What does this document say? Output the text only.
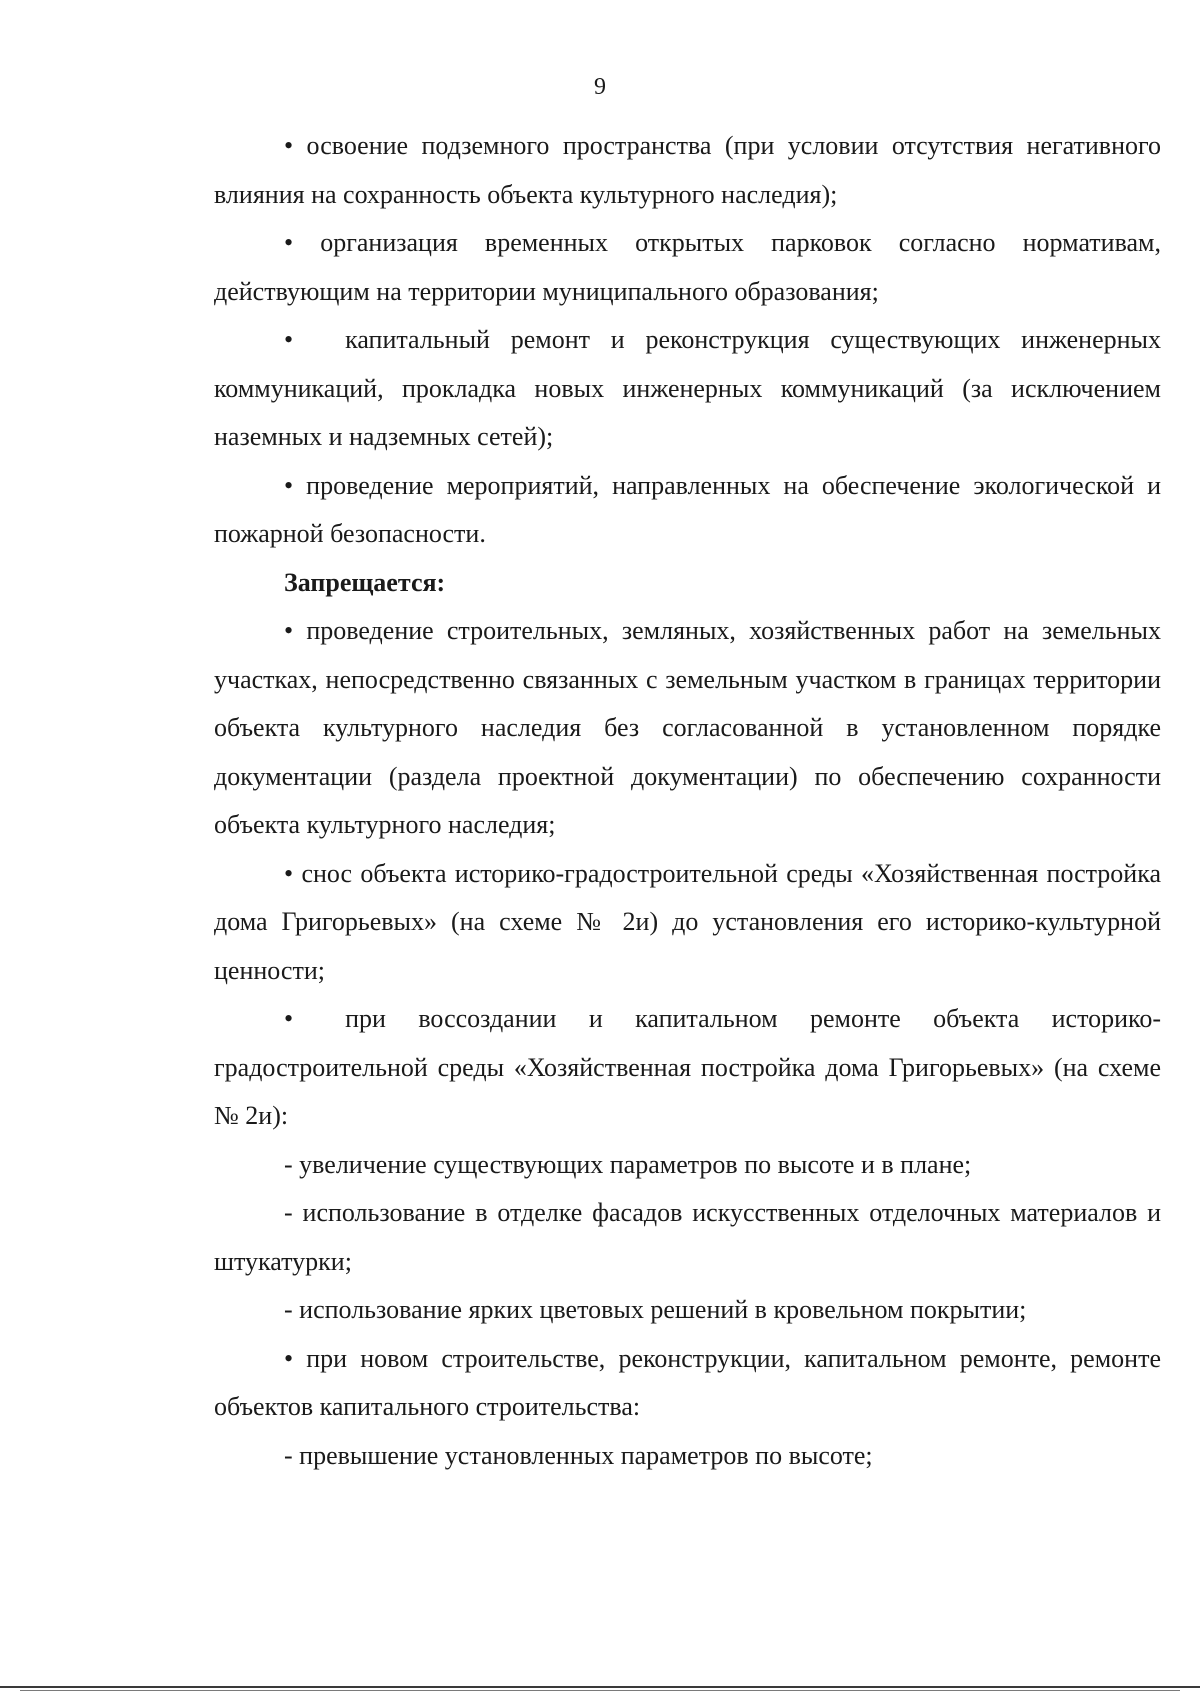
9

• освоение подземного пространства (при условии отсутствия негативного влияния на сохранность объекта культурного наследия);

• организация временных открытых парковок согласно нормативам, действующим на территории муниципального образования;

• капитальный ремонт и реконструкция существующих инженерных коммуникаций, прокладка новых инженерных коммуникаций (за исключением наземных и надземных сетей);

• проведение мероприятий, направленных на обеспечение экологической и пожарной безопасности.

Запрещается:

• проведение строительных, земляных, хозяйственных работ на земельных участках, непосредственно связанных с земельным участком в границах территории объекта культурного наследия без согласованной в установленном порядке документации (раздела проектной документации) по обеспечению сохранности объекта культурного наследия;

• снос объекта историко-градостроительной среды «Хозяйственная постройка дома Григорьевых» (на схеме № 2и) до установления его историко-культурной ценности;

• при воссоздании и капитальном ремонте объекта историко-градостроительной среды «Хозяйственная постройка дома Григорьевых» (на схеме № 2и):

- увеличение существующих параметров по высоте и в плане;

- использование в отделке фасадов искусственных отделочных материалов и штукатурки;

- использование ярких цветовых решений в кровельном покрытии;

• при новом строительстве, реконструкции, капитальном ремонте, ремонте объектов капитального строительства:

- превышение установленных параметров по высоте;
